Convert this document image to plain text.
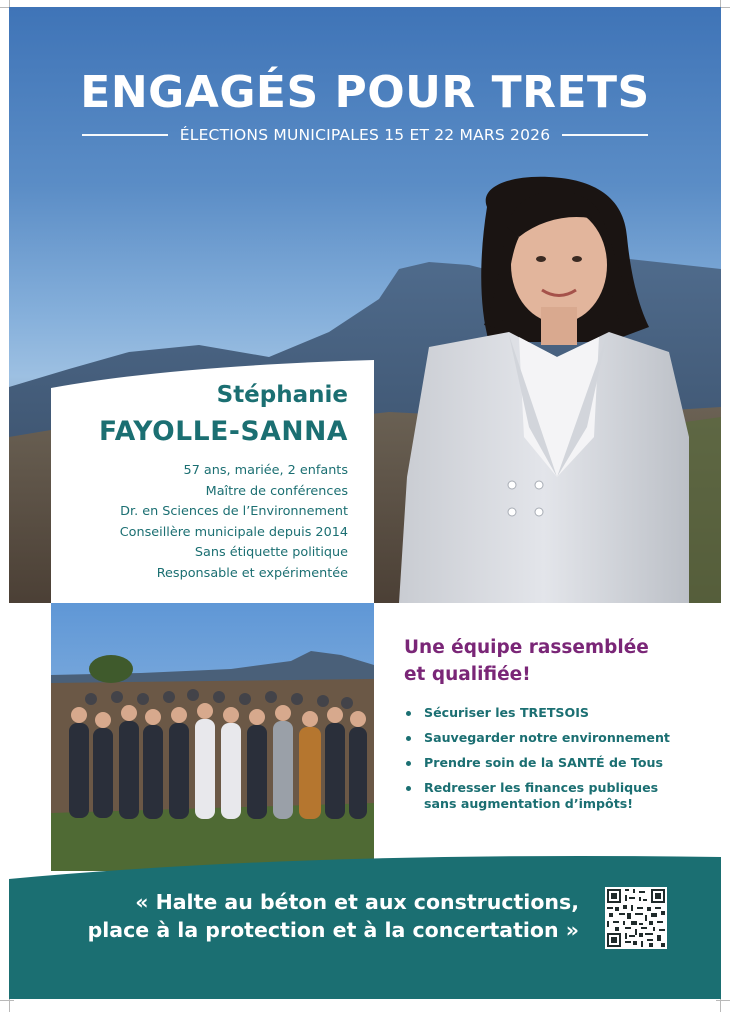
ENGAGÉS POUR TRETS
ÉLECTIONS MUNICIPALES 15 ET 22 MARS 2026
Stéphanie
FAYOLLE-SANNA
57 ans, mariée, 2 enfants
Maître de conférences
Dr. en Sciences de l’Environnement
Conseillère municipale depuis 2014
Sans étiquette politique
Responsable et expérimentée
Une équipe rassemblée
et qualifiée!
Sécuriser les TRETSOIS
Sauvegarder notre environnement
Prendre soin de la SANTÉ de Tous
Redresser les finances publiques
sans augmentation d’impôts!
« Halte au béton et aux constructions,
place à la protection et à la concertation »
